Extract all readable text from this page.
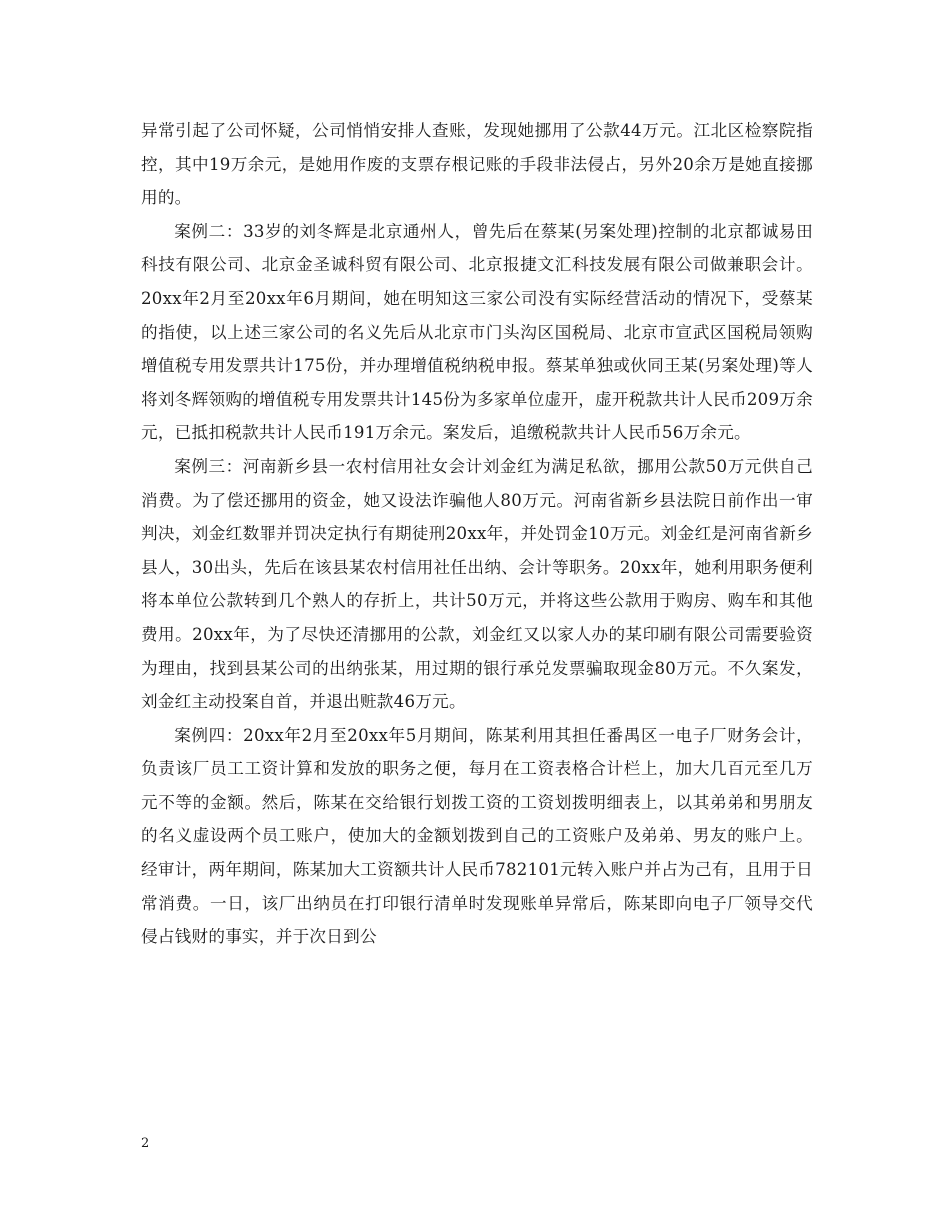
异常引起了公司怀疑，公司悄悄安排人查账，发现她挪用了公款44万元。江北区检察院指控，其中19万余元，是她用作废的支票存根记账的手段非法侵占，另外20余万是她直接挪用的。

案例二：33岁的刘冬辉是北京通州人，曾先后在蔡某(另案处理)控制的北京都诚易田科技有限公司、北京金圣诚科贸有限公司、北京报捷文汇科技发展有限公司做兼职会计。20xx年2月至20xx年6月期间，她在明知这三家公司没有实际经营活动的情况下，受蔡某的指使，以上述三家公司的名义先后从北京市门头沟区国税局、北京市宣武区国税局领购增值税专用发票共计175份，并办理增值税纳税申报。蔡某单独或伙同王某(另案处理)等人将刘冬辉领购的增值税专用发票共计145份为多家单位虚开，虚开税款共计人民币209万余元，已抵扣税款共计人民币191万余元。案发后，追缴税款共计人民币56万余元。

案例三：河南新乡县一农村信用社女会计刘金红为满足私欲，挪用公款50万元供自己消费。为了偿还挪用的资金，她又设法诈骗他人80万元。河南省新乡县法院日前作出一审判决，刘金红数罪并罚决定执行有期徒刑20xx年，并处罚金10万元。刘金红是河南省新乡县人，30出头，先后在该县某农村信用社任出纳、会计等职务。20xx年，她利用职务便利将本单位公款转到几个熟人的存折上，共计50万元，并将这些公款用于购房、购车和其他费用。20xx年，为了尽快还清挪用的公款，刘金红又以家人办的某印刷有限公司需要验资为理由，找到县某公司的出纳张某，用过期的银行承兑发票骗取现金80万元。不久案发，刘金红主动投案自首，并退出赃款46万元。

案例四：20xx年2月至20xx年5月期间，陈某利用其担任番禺区一电子厂财务会计，负责该厂员工工资计算和发放的职务之便，每月在工资表格合计栏上，加大几百元至几万元不等的金额。然后，陈某在交给银行划拨工资的工资划拨明细表上，以其弟弟和男朋友的名义虚设两个员工账户，使加大的金额划拨到自己的工资账户及弟弟、男友的账户上。经审计，两年期间，陈某加大工资额共计人民币782101元转入账户并占为己有，且用于日常消费。一日，该厂出纳员在打印银行清单时发现账单异常后，陈某即向电子厂领导交代侵占钱财的事实，并于次日到公

2
